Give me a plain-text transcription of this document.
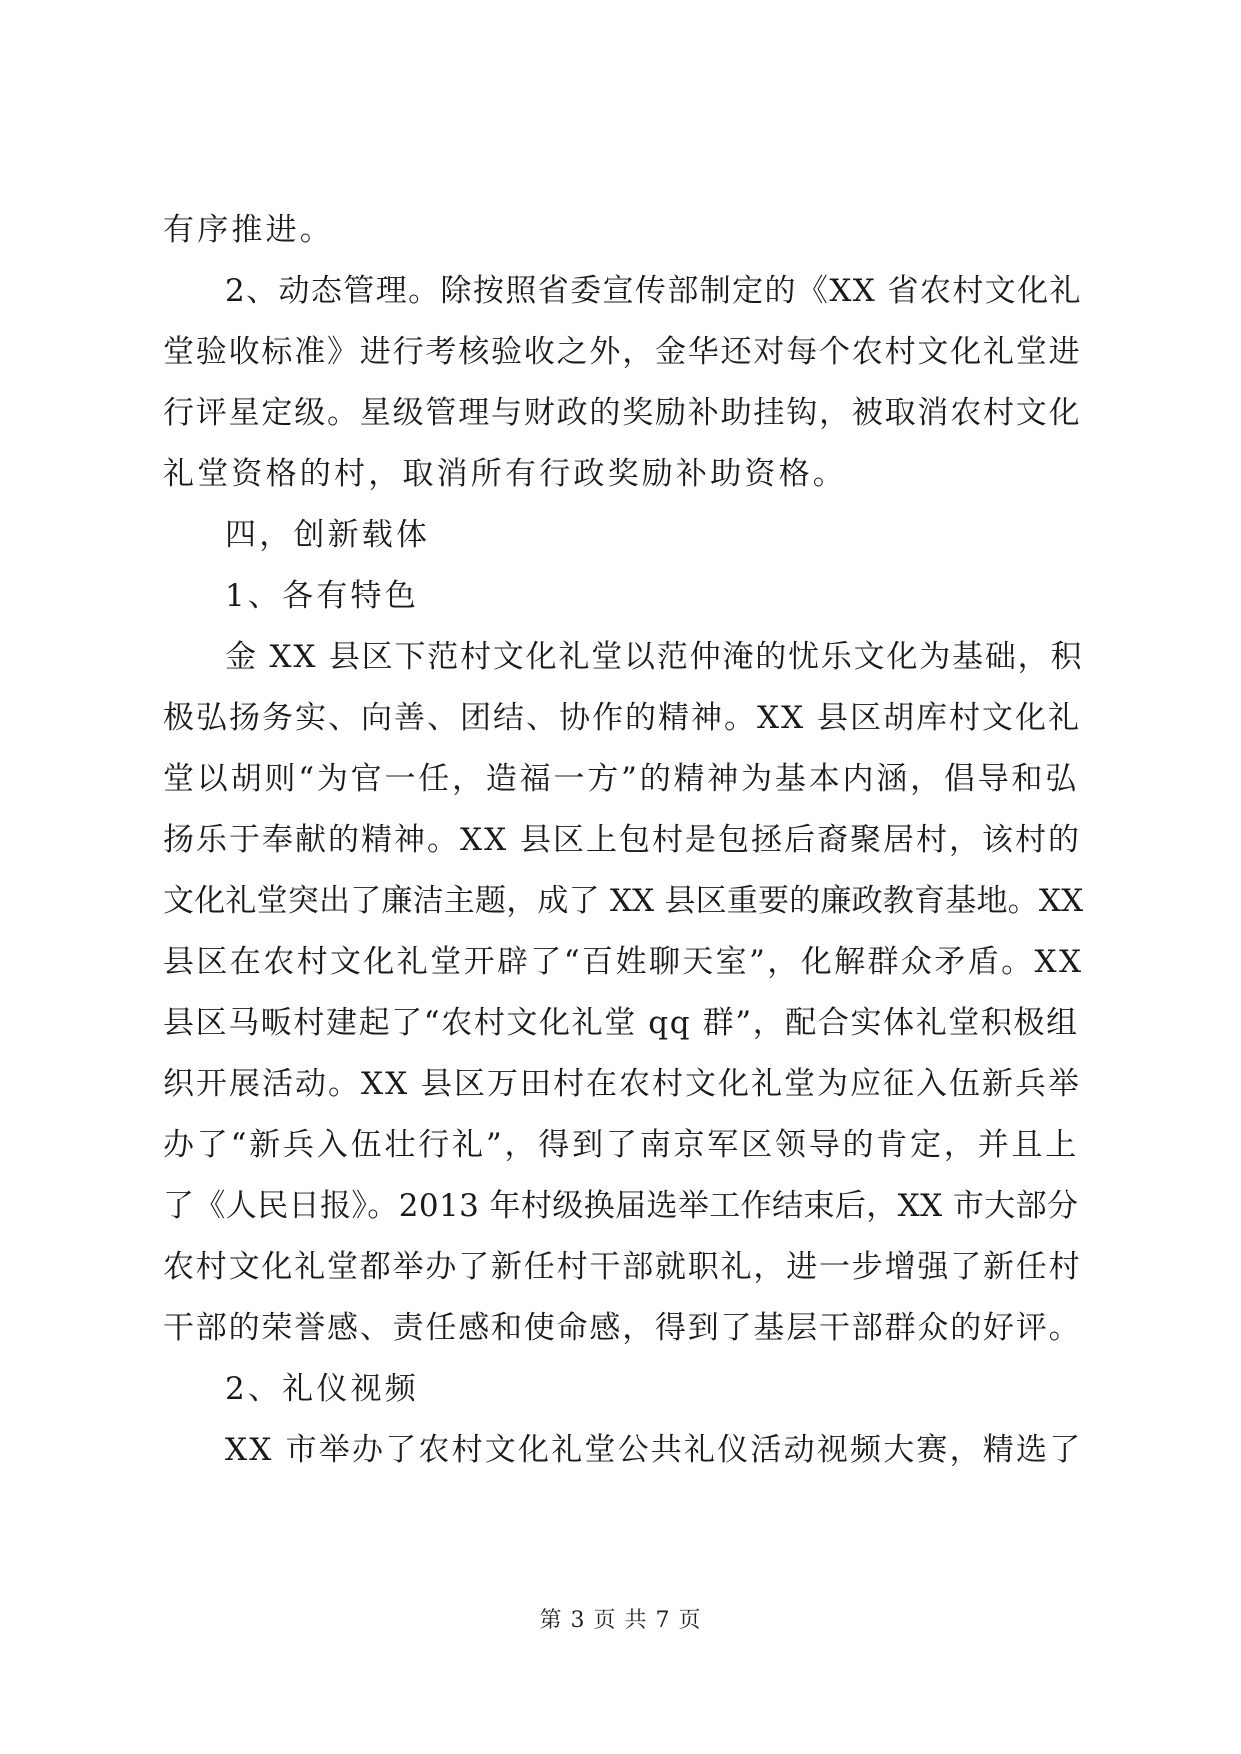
有序推进。
2、动态管理。除按照省委宣传部制定的《XX 省农村文化礼
堂验收标准》进行考核验收之外，金华还对每个农村文化礼堂进
行评星定级。星级管理与财政的奖励补助挂钩，被取消农村文化
礼堂资格的村，取消所有行政奖励补助资格。
四，创新载体
1、各有特色
金 XX 县区下范村文化礼堂以范仲淹的忧乐文化为基础，积
极弘扬务实、向善、团结、协作的精神。XX 县区胡库村文化礼
堂以胡则“为官一任，造福一方”的精神为基本内涵，倡导和弘
扬乐于奉献的精神。XX 县区上包村是包拯后裔聚居村，该村的
文化礼堂突出了廉洁主题，成了 XX 县区重要的廉政教育基地。XX
县区在农村文化礼堂开辟了“百姓聊天室”，化解群众矛盾。XX
县区马畈村建起了“农村文化礼堂 qq 群”，配合实体礼堂积极组
织开展活动。XX 县区万田村在农村文化礼堂为应征入伍新兵举
办了“新兵入伍壮行礼”，得到了南京军区领导的肯定，并且上
了《人民日报》。2013 年村级换届选举工作结束后，XX 市大部分
农村文化礼堂都举办了新任村干部就职礼，进一步增强了新任村
干部的荣誉感、责任感和使命感，得到了基层干部群众的好评。
2、礼仪视频
XX 市举办了农村文化礼堂公共礼仪活动视频大赛，精选了
第 3 页 共 7 页
